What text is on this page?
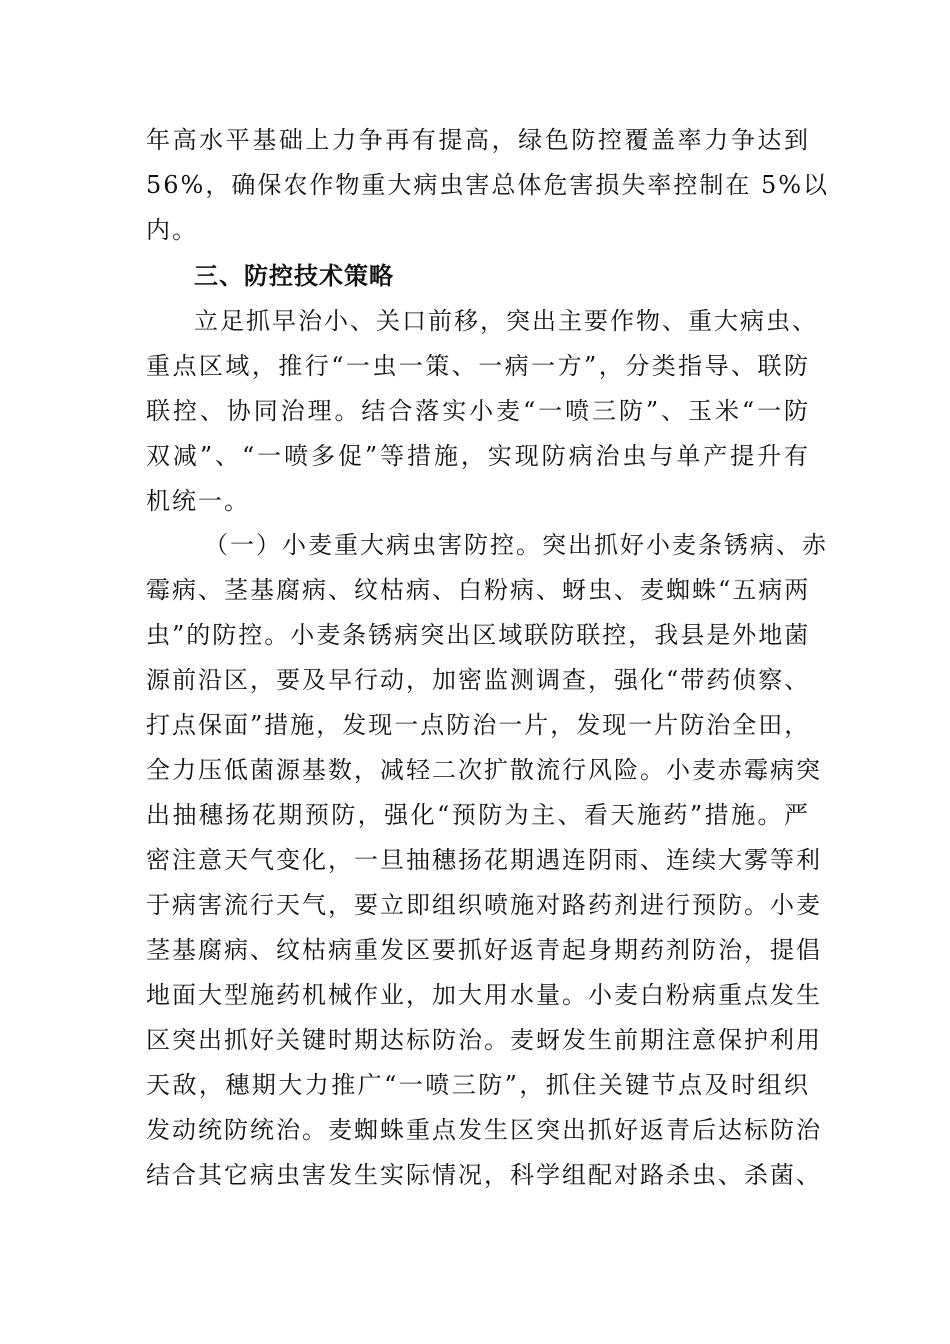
年高水平基础上力争再有提高，绿色防控覆盖率力争达到
56%，确保农作物重大病虫害总体危害损失率控制在 5%以
内。
三、防控技术策略
立足抓早治小、关口前移，突出主要作物、重大病虫、
重点区域，推行“一虫一策、一病一方”，分类指导、联防
联控、协同治理。结合落实小麦“一喷三防”、玉米“一防
双减”、“一喷多促”等措施，实现防病治虫与单产提升有
机统一。
（一）小麦重大病虫害防控。突出抓好小麦条锈病、赤
霉病、茎基腐病、纹枯病、白粉病、蚜虫、麦蜘蛛“五病两
虫”的防控。小麦条锈病突出区域联防联控，我县是外地菌
源前沿区，要及早行动，加密监测调查，强化“带药侦察、
打点保面”措施，发现一点防治一片，发现一片防治全田，
全力压低菌源基数，减轻二次扩散流行风险。小麦赤霉病突
出抽穗扬花期预防，强化“预防为主、看天施药”措施。严
密注意天气变化，一旦抽穗扬花期遇连阴雨、连续大雾等利
于病害流行天气，要立即组织喷施对路药剂进行预防。小麦
茎基腐病、纹枯病重发区要抓好返青起身期药剂防治，提倡
地面大型施药机械作业，加大用水量。小麦白粉病重点发生
区突出抓好关键时期达标防治。麦蚜发生前期注意保护利用
天敌，穗期大力推广“一喷三防”，抓住关键节点及时组织
发动统防统治。麦蜘蛛重点发生区突出抓好返青后达标防治
结合其它病虫害发生实际情况，科学组配对路杀虫、杀菌、
